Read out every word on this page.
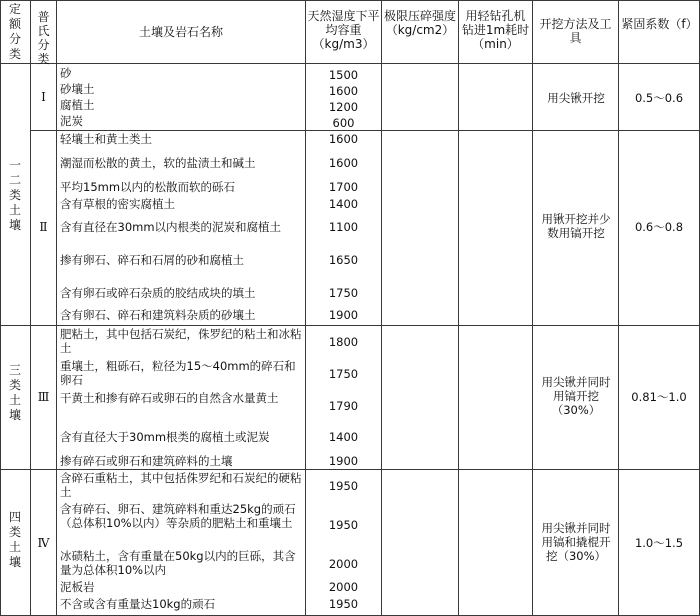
定额分类
普氏分类
土壤及岩石名称
天然湿度下平均容重（kg/m3）
极限压碎强度（kg/cm2）
用轻钻孔机钻进1m耗时（min）
开挖方法及工具
紧固系数（f）
一二类土壤
三类土壤
四类土壤
Ⅰ
Ⅱ
Ⅲ
Ⅳ
用尖锹开挖
用锹开挖并少数用镐开挖
用尖锹并同时用镐开挖（30%）
用尖锹并同时用镐和撬棍开挖（30%）
0.5～0.6
0.6～0.8
0.81～1.0
1.0～1.5
砂
砂壤土
腐植土
泥炭
1500
1600
1200
600
轻壤土和黄土类土
潮湿而松散的黄土，软的盐渍土和碱土
平均15mm以内的松散而软的砾石
含有草根的密实腐植土
含有直径在30mm以内根类的泥炭和腐植土
掺有卵石、碎石和石屑的砂和腐植土
含有卵石或碎石杂质的胶结成块的填土
含有卵石、碎石和建筑料杂质的砂壤土
1600
1600
1700
1400
1100
1650
1750
1900
肥粘土，其中包括石炭纪，侏罗纪的粘土和冰粘土
重壤土，粗砾石，粒径为15～40mm的碎石和卵石
干黄土和掺有碎石或卵石的自然含水量黄土
含有直径大于30mm根类的腐植土或泥炭
掺有碎石或卵石和建筑碎料的土壤
1800
1750
1790
1400
1900
含碎石重粘土，其中包括侏罗纪和石炭纪的硬粘土
含有碎石、卵石、建筑碎料和重达25kg的顽石（总体积10%以内）等杂质的肥粘土和重壤土
冰碛粘土，含有重量在50kg以内的巨砾，其含量为总体积10%以内
泥板岩
不含或含有重量达10kg的顽石
1950
1950
2000
2000
1950
